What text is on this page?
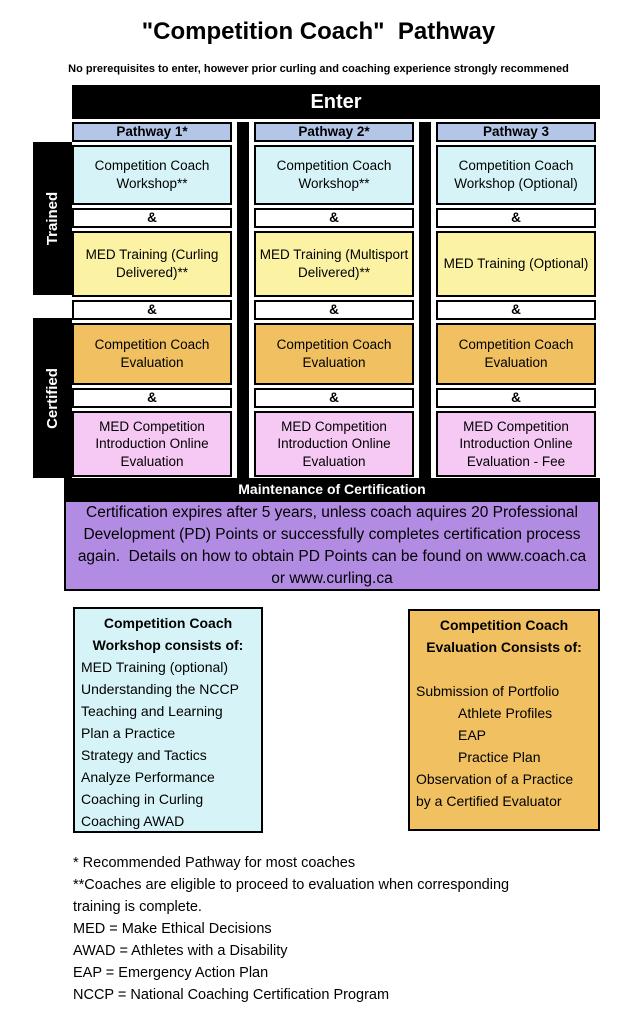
"Competition Coach"  Pathway
No prerequisites to enter, however prior curling and coaching experience strongly recommened
Enter
Trained
Certified
Pathway 1*
Competition Coach Workshop**
&
MED Training (Curling Delivered)**
&
Competition Coach Evaluation
&
MED Competition Introduction Online Evaluation
Pathway 2*
Competition Coach Workshop**
&
MED Training (Multisport Delivered)**
&
Competition Coach Evaluation
&
MED Competition Introduction Online Evaluation
Pathway 3
Competition Coach Workshop (Optional)
&
MED Training (Optional)
&
Competition Coach Evaluation
&
MED Competition Introduction Online Evaluation - Fee
Maintenance of Certification
Certification expires after 5 years, unless coach aquires 20 Professional Development (PD) Points or successfully completes certification process again.  Details on how to obtain PD Points can be found on www.coach.ca or www.curling.ca
Competition Coach
Workshop consists of:
MED Training (optional)
Understanding the NCCP
Teaching and Learning
Plan a Practice
Strategy and Tactics
Analyze Performance
Coaching in Curling
Coaching AWAD
Competition Coach
Evaluation Consists of:
Submission of Portfolio
Athlete Profiles
EAP
Practice Plan
Observation of a Practice
by a Certified Evaluator
* Recommended Pathway for most coaches
**Coaches are eligible to proceed to evaluation when corresponding training is complete.
MED = Make Ethical Decisions
AWAD = Athletes with a Disability
EAP = Emergency Action Plan
NCCP = National Coaching Certification Program
